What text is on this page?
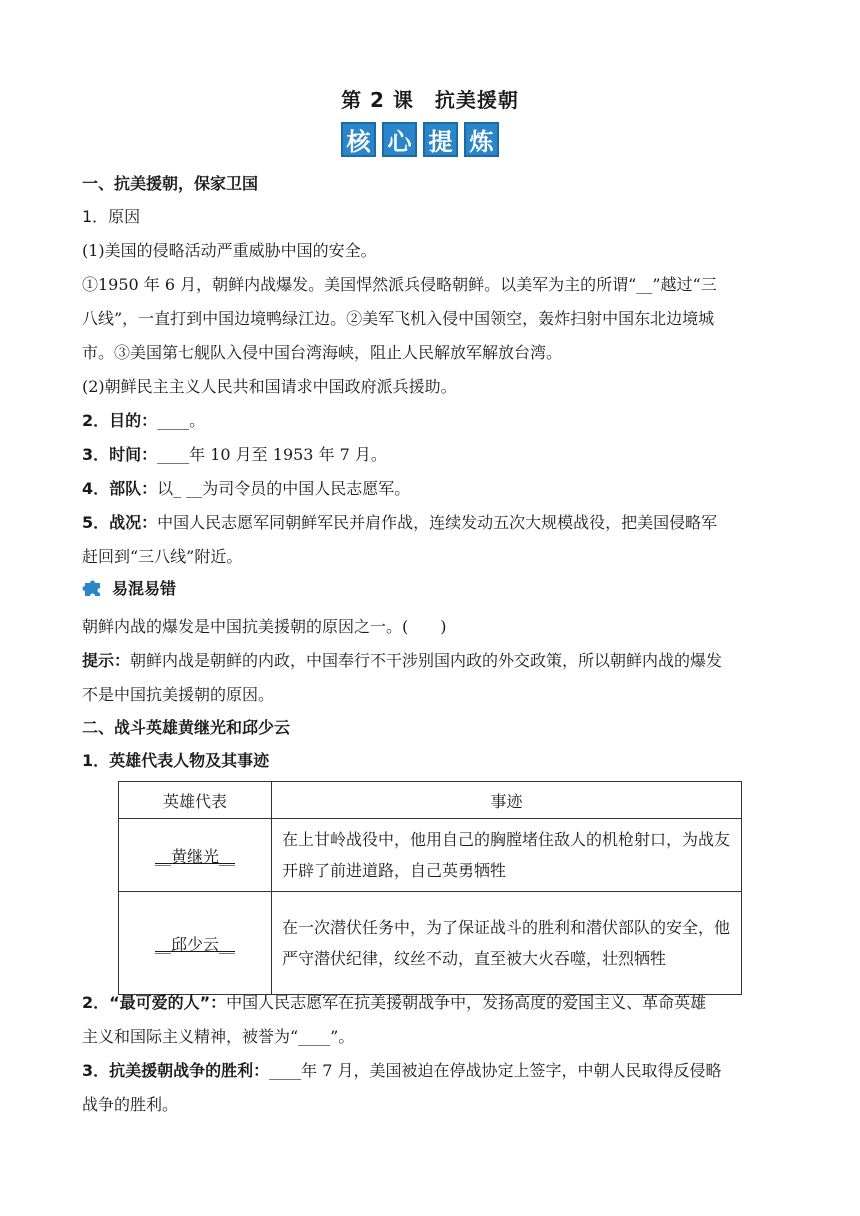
第 2 课　抗美援朝
核 心 提 炼
一、抗美援朝，保家卫国
1．原因
(1)美国的侵略活动严重威胁中国的安全。
①1950 年 6 月，朝鲜内战爆发。美国悍然派兵侵略朝鲜。以美军为主的所谓“__”越过“三
八线”，一直打到中国边境鸭绿江边。②美军飞机入侵中国领空，轰炸扫射中国东北边境城
市。③美国第七舰队入侵中国台湾海峡，阻止人民解放军解放台湾。
(2)朝鲜民主主义人民共和国请求中国政府派兵援助。
2．目的：____。
3．时间：____年 10 月至 1953 年 7 月。
4．部队：以_ __为司令员的中国人民志愿军。
5．战况：中国人民志愿军同朝鲜军民并肩作战，连续发动五次大规模战役，把美国侵略军
赶回到“三八线”附近。
易混易错
朝鲜内战的爆发是中国抗美援朝的原因之一。(　　)
提示：朝鲜内战是朝鲜的内政，中国奉行不干涉别国内政的外交政策，所以朝鲜内战的爆发
不是中国抗美援朝的原因。
二、战斗英雄黄继光和邱少云
1．英雄代表人物及其事迹
英雄代表	事迹
__黄继光__	在上甘岭战役中，他用自己的胸膛堵住敌人的机枪射口，为战友开辟了前进道路，自己英勇牺牲
__邱少云__	在一次潜伏任务中，为了保证战斗的胜利和潜伏部队的安全，他严守潜伏纪律，纹丝不动，直至被大火吞噬，壮烈牺牲
2．“最可爱的人”：中国人民志愿军在抗美援朝战争中，发扬高度的爱国主义、革命英雄
主义和国际主义精神，被誉为“____”。
3．抗美援朝战争的胜利：____年 7 月，美国被迫在停战协定上签字，中朝人民取得反侵略
战争的胜利。
